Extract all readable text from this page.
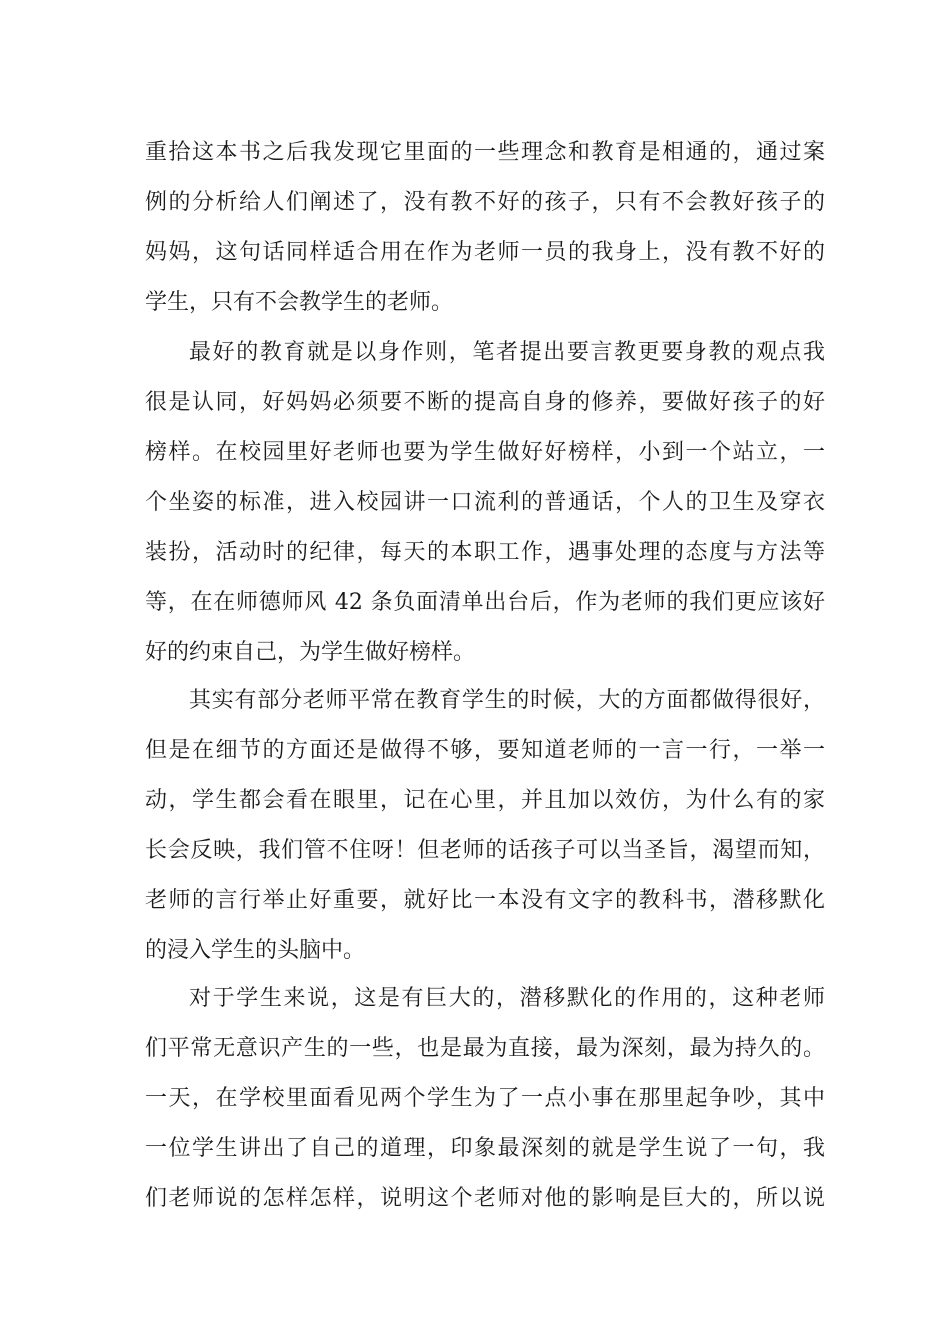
重拾这本书之后我发现它里面的一些理念和教育是相通的，通过案
例的分析给人们阐述了，没有教不好的孩子，只有不会教好孩子的
妈妈，这句话同样适合用在作为老师一员的我身上，没有教不好的
学生，只有不会教学生的老师。
最好的教育就是以身作则，笔者提出要言教更要身教的观点我
很是认同，好妈妈必须要不断的提高自身的修养，要做好孩子的好
榜样。在校园里好老师也要为学生做好好榜样，小到一个站立，一
个坐姿的标准，进入校园讲一口流利的普通话，个人的卫生及穿衣
装扮，活动时的纪律，每天的本职工作，遇事处理的态度与方法等
等，在在师德师风 42 条负面清单出台后，作为老师的我们更应该好
好的约束自己，为学生做好榜样。
其实有部分老师平常在教育学生的时候，大的方面都做得很好，
但是在细节的方面还是做得不够，要知道老师的一言一行，一举一
动，学生都会看在眼里，记在心里，并且加以效仿，为什么有的家
长会反映，我们管不住呀！但老师的话孩子可以当圣旨，渴望而知，
老师的言行举止好重要，就好比一本没有文字的教科书，潜移默化
的浸入学生的头脑中。
对于学生来说，这是有巨大的，潜移默化的作用的，这种老师
们平常无意识产生的一些，也是最为直接，最为深刻，最为持久的。
一天，在学校里面看见两个学生为了一点小事在那里起争吵，其中
一位学生讲出了自己的道理，印象最深刻的就是学生说了一句，我
们老师说的怎样怎样，说明这个老师对他的影响是巨大的，所以说
